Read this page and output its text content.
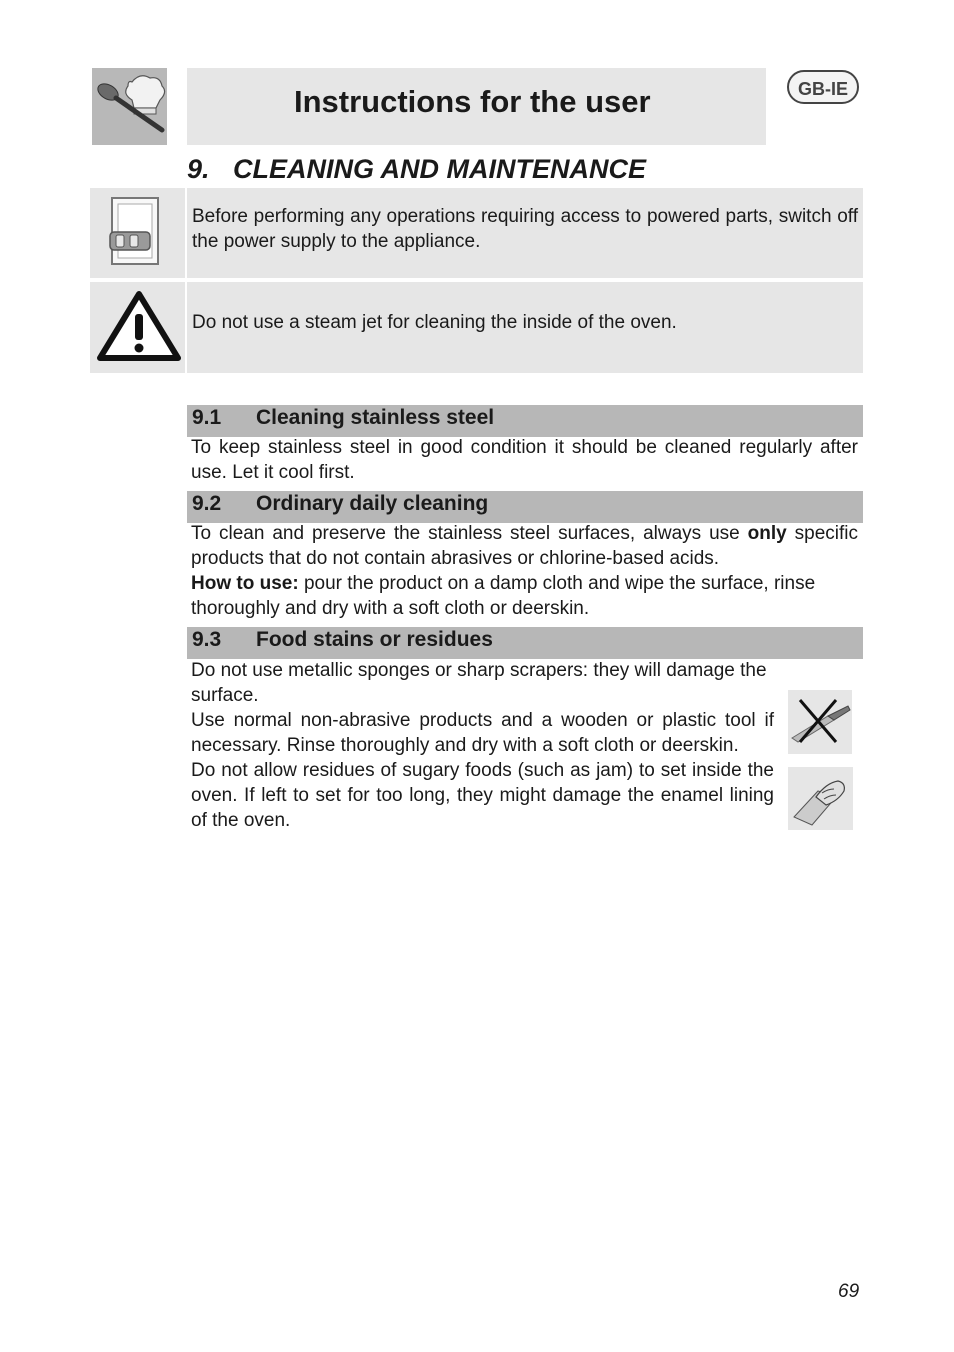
Instructions for the user	GB-IE
9. CLEANING AND MAINTENANCE
Before performing any operations requiring access to powered parts, switch off the power supply to the appliance.
Do not use a steam jet for cleaning the inside of the oven.
9.1 Cleaning stainless steel
To keep stainless steel in good condition it should be cleaned regularly after use. Let it cool first.
9.2 Ordinary daily cleaning
To clean and preserve the stainless steel surfaces, always use only specific products that do not contain abrasives or chlorine-based acids.
How to use: pour the product on a damp cloth and wipe the surface, rinse thoroughly and dry with a soft cloth or deerskin.
9.3 Food stains or residues
Do not use metallic sponges or sharp scrapers: they will damage the surface.
Use normal non-abrasive products and a wooden or plastic tool if necessary. Rinse thoroughly and dry with a soft cloth or deerskin.
Do not allow residues of sugary foods (such as jam) to set inside the oven. If left to set for too long, they might damage the enamel lining of the oven.
69
